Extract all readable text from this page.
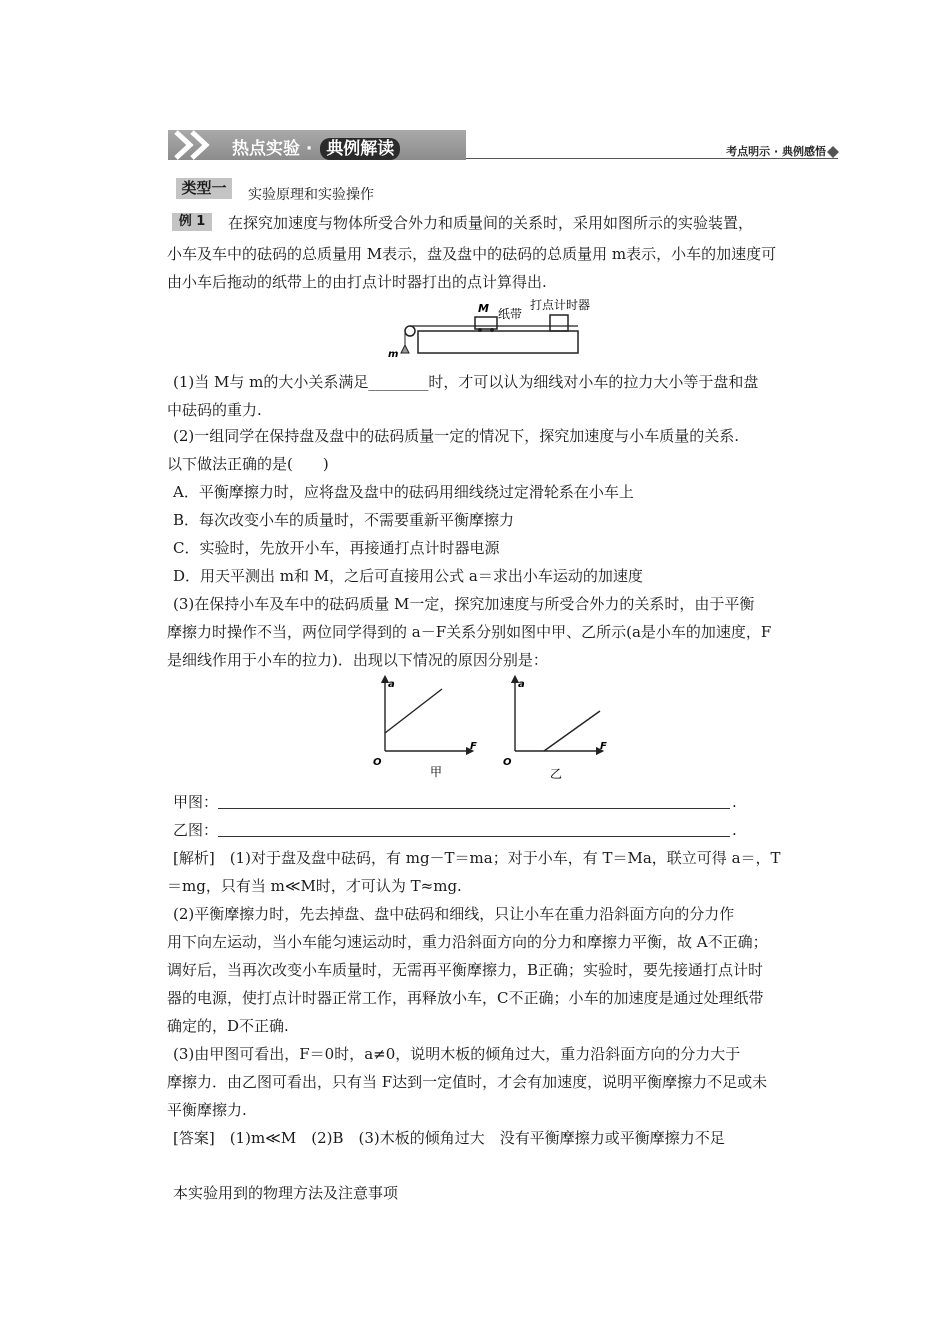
热点实验 · 典例解读	考点明示 · 典例感悟
类型一	实验原理和实验操作
例 1	在探究加速度与物体所受合外力和质量间的关系时，采用如图所示的实验装置，
小车及车中的砝码的总质量用 M表示，盘及盘中的砝码的总质量用 m表示，小车的加速度可
由小车后拖动的纸带上的由打点计时器打出的点计算得出.
M 纸带
打点计时器
m
(1)当 M与 m的大小关系满足________时，才可以认为细线对小车的拉力大小等于盘和盘
中砝码的重力.
(2)一组同学在保持盘及盘中的砝码质量一定的情况下，探究加速度与小车质量的关系.
以下做法正确的是(　　)
A．平衡摩擦力时，应将盘及盘中的砝码用细线绕过定滑轮系在小车上
B．每次改变小车的质量时，不需要重新平衡摩擦力
C．实验时，先放开小车，再接通打点计时器电源
D．用天平测出 m和 M，之后可直接用公式 a＝求出小车运动的加速度
(3)在保持小车及车中的砝码质量 M一定，探究加速度与所受合外力的关系时，由于平衡
摩擦力时操作不当，两位同学得到的 a－F关系分别如图中甲、乙所示(a是小车的加速度，F
是细线作用于小车的拉力)．出现以下情况的原因分别是：
a
F
O
甲
a
F
O
乙
甲图：	.
乙图：	.
[解析]　(1)对于盘及盘中砝码，有 mg－T＝ma；对于小车，有 T＝Ma，联立可得 a＝，T
＝mg，只有当 m≪M时，才可认为 T≈mg.
(2)平衡摩擦力时，先去掉盘、盘中砝码和细线，只让小车在重力沿斜面方向的分力作
用下向左运动，当小车能匀速运动时，重力沿斜面方向的分力和摩擦力平衡，故 A不正确；
调好后，当再次改变小车质量时，无需再平衡摩擦力，B正确；实验时，要先接通打点计时
器的电源，使打点计时器正常工作，再释放小车，C不正确；小车的加速度是通过处理纸带
确定的，D不正确.
(3)由甲图可看出，F＝0时，a≠0，说明木板的倾角过大，重力沿斜面方向的分力大于
摩擦力．由乙图可看出，只有当 F达到一定值时，才会有加速度，说明平衡摩擦力不足或未
平衡摩擦力.
[答案]　(1)m≪M　(2)B　(3)木板的倾角过大　没有平衡摩擦力或平衡摩擦力不足
本实验用到的物理方法及注意事项
